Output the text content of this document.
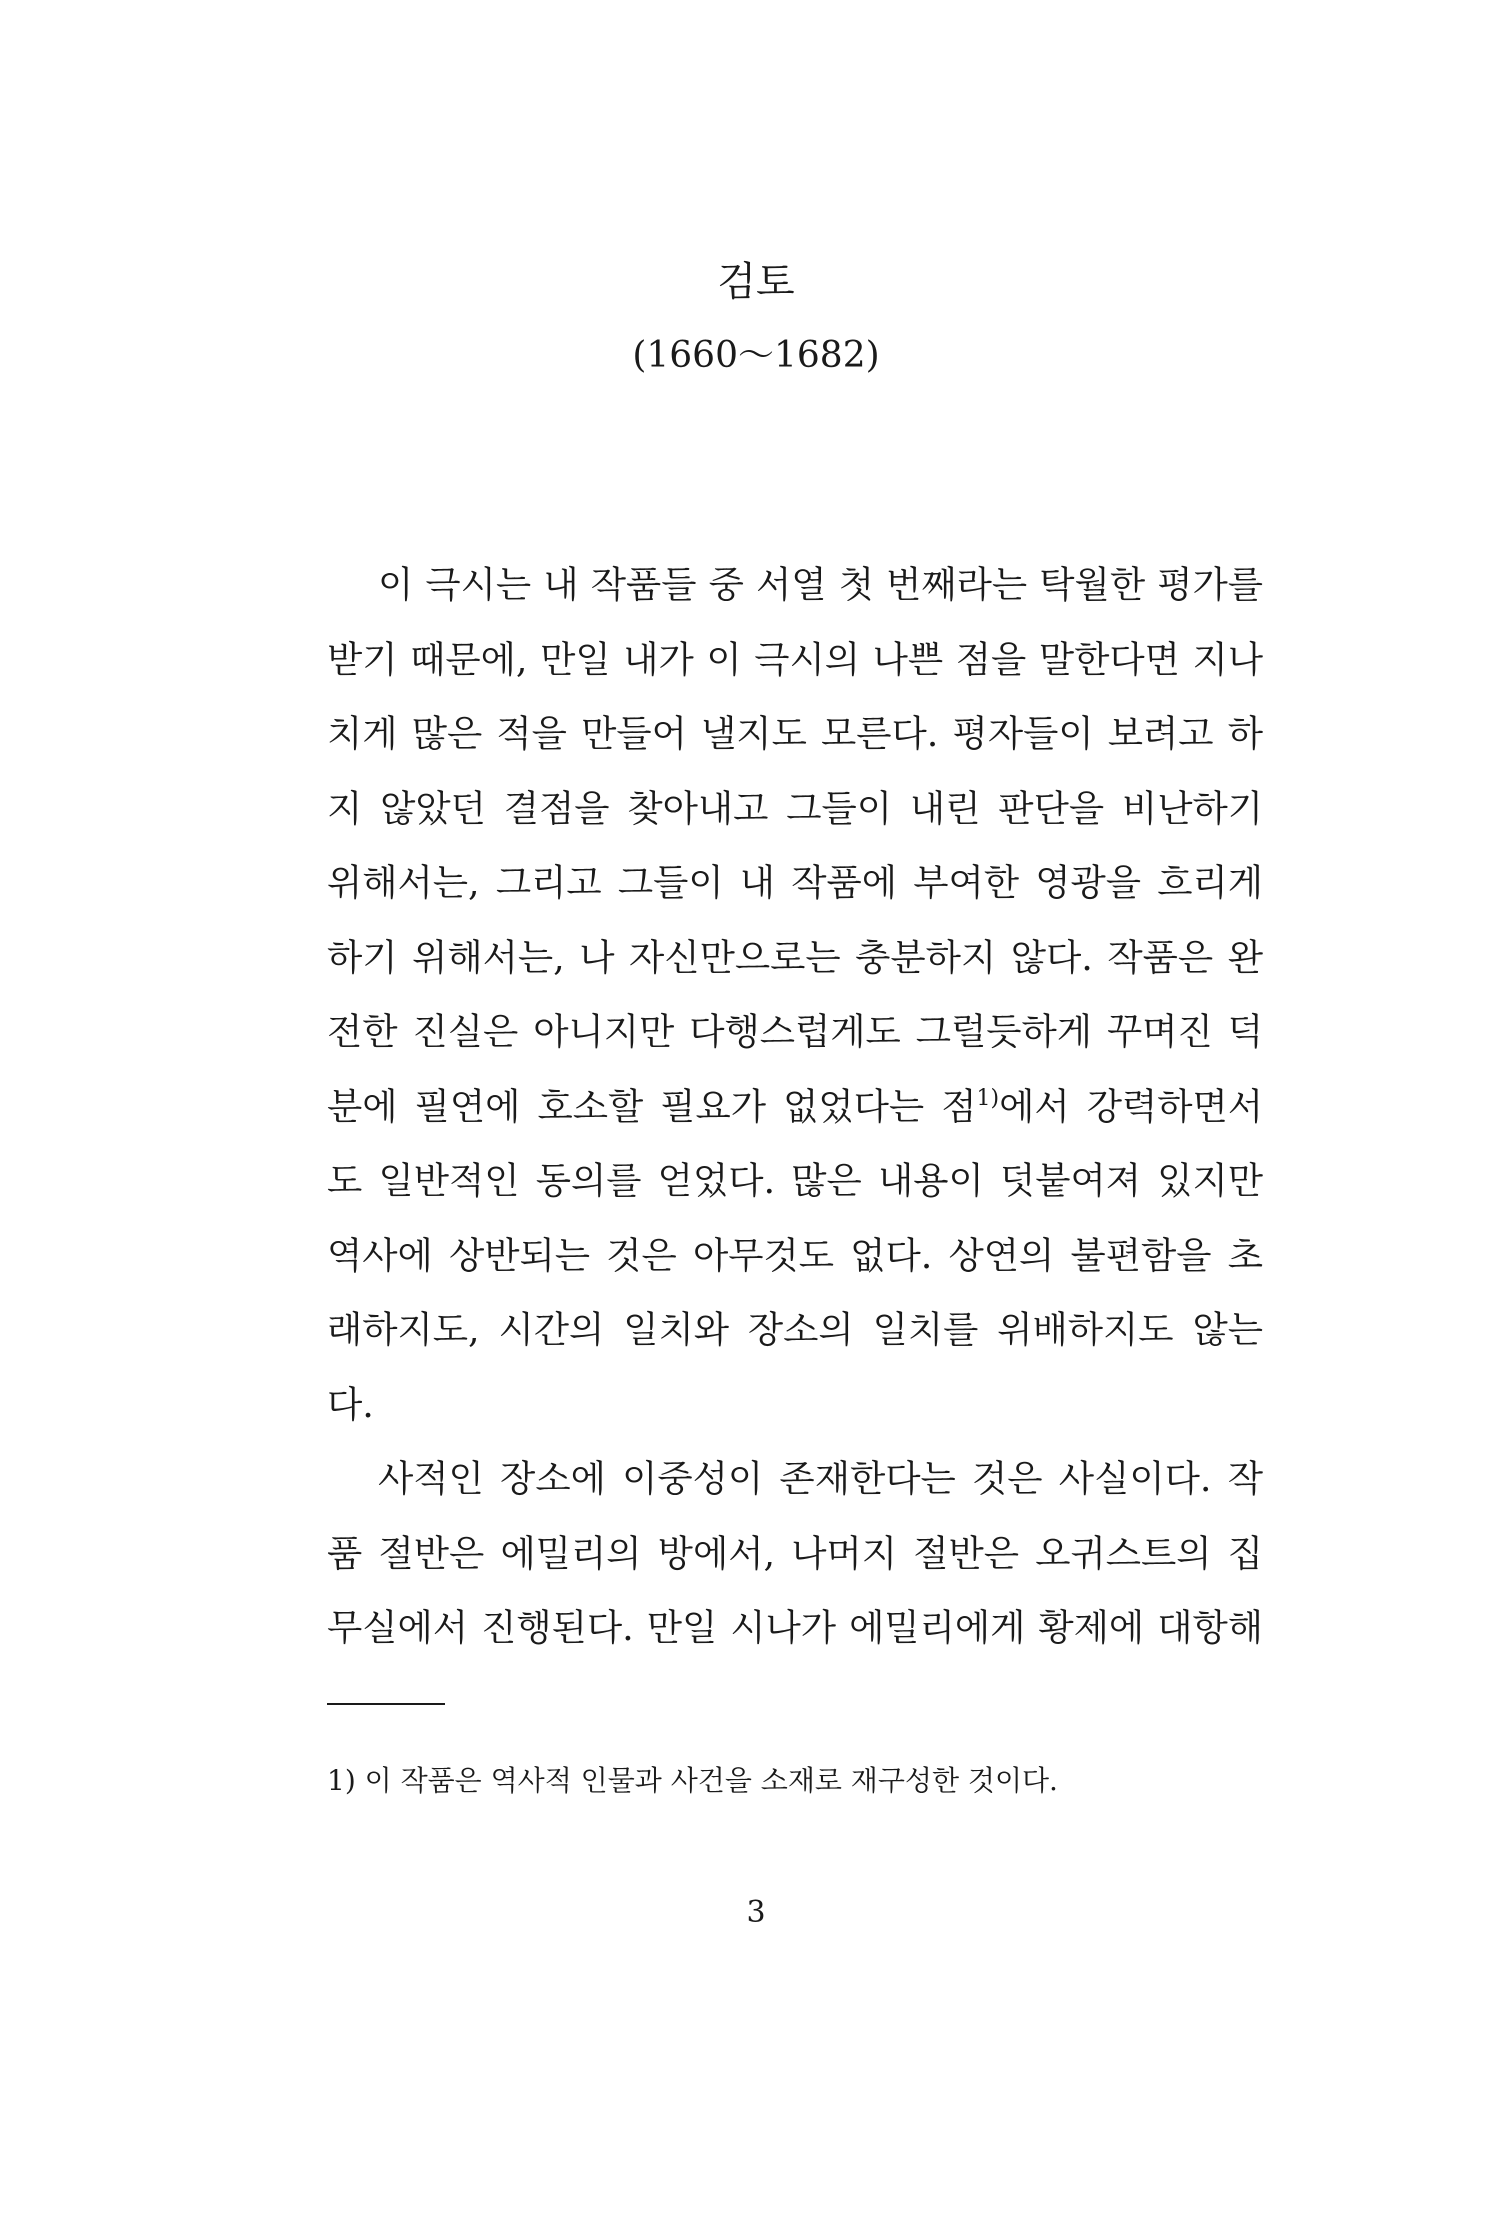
검토
(1660～1682)
이 극시는 내 작품들 중 서열 첫 번째라는 탁월한 평가를
받기 때문에, 만일 내가 이 극시의 나쁜 점을 말한다면 지나
치게 많은 적을 만들어 낼지도 모른다. 평자들이 보려고 하
지 않았던 결점을 찾아내고 그들이 내린 판단을 비난하기
위해서는, 그리고 그들이 내 작품에 부여한 영광을 흐리게
하기 위해서는, 나 자신만으로는 충분하지 않다. 작품은 완
전한 진실은 아니지만 다행스럽게도 그럴듯하게 꾸며진 덕
분에 필연에 호소할 필요가 없었다는 점$^{1)}$에서 강력하면서
도 일반적인 동의를 얻었다. 많은 내용이 덧붙여져 있지만
역사에 상반되는 것은 아무것도 없다. 상연의 불편함을 초
래하지도, 시간의 일치와 장소의 일치를 위배하지도 않는
다.
사적인 장소에 이중성이 존재한다는 것은 사실이다. 작
품 절반은 에밀리의 방에서, 나머지 절반은 오귀스트의 집
무실에서 진행된다. 만일 시나가 에밀리에게 황제에 대항해
1) 이 작품은 역사적 인물과 사건을 소재로 재구성한 것이다.
3
